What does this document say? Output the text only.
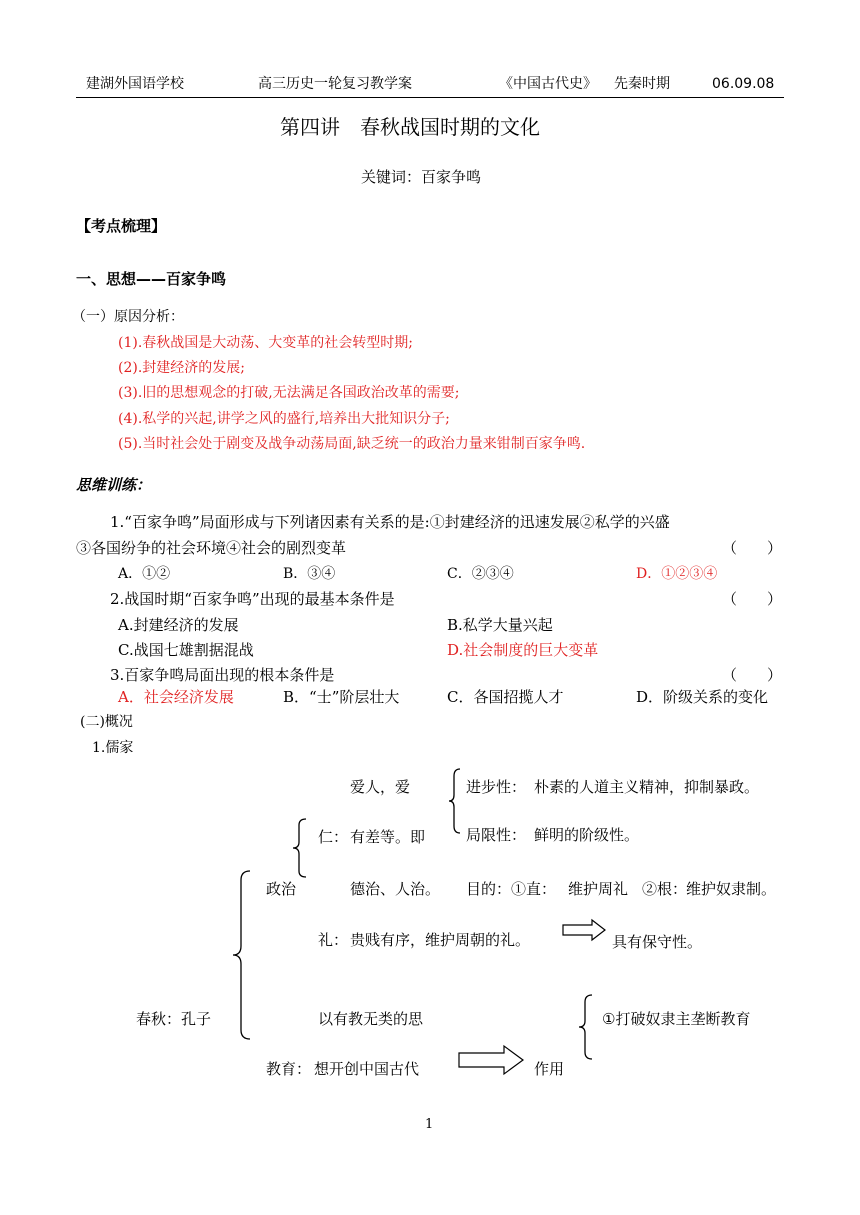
建湖外国语学校	高三历史一轮复习教学案	《中国古代史》 先秦时期	06.09.08
第四讲　春秋战国时期的文化
关键词：百家争鸣
【考点梳理】
一、思想——百家争鸣
（一）原因分析：
(1).春秋战国是大动荡、大变革的社会转型时期;
(2).封建经济的发展;
(3).旧的思想观念的打破,无法满足各国政治改革的需要;
(4).私学的兴起,讲学之风的盛行,培养出大批知识分子;
(5).当时社会处于剧变及战争动荡局面,缺乏统一的政治力量来钳制百家争鸣.
思维训练：
1.“百家争鸣”局面形成与下列诸因素有关系的是:①封建经济的迅速发展②私学的兴盛
③各国纷争的社会环境④社会的剧烈变革	（　　）
A．①②	B．③④	C．②③④	D．①②③④
2.战国时期“百家争鸣”出现的最基本条件是	（　　）
A.封建经济的发展	B.私学大量兴起
C.战国七雄割据混战	D.社会制度的巨大变革
3.百家争鸣局面出现的根本条件是	（　　）
A．社会经济发展	B．“士”阶层壮大	C．各国招揽人才	D．阶级关系的变化
(二)概况
1.儒家
爱人，爱	进步性： 朴素的人道主义精神，抑制暴政。
局限性： 鲜明的阶级性。
仁： 有差等。即
政治	德治、人治。 目的：①直： 维护周礼 ②根：
维护奴隶制。
礼： 贵贱有序，维护周朝的礼。	具有保守性。
春秋：孔子	以有教无类的思	①打破奴隶主垄断教育
教育： 想开创中国古代	作用
1
